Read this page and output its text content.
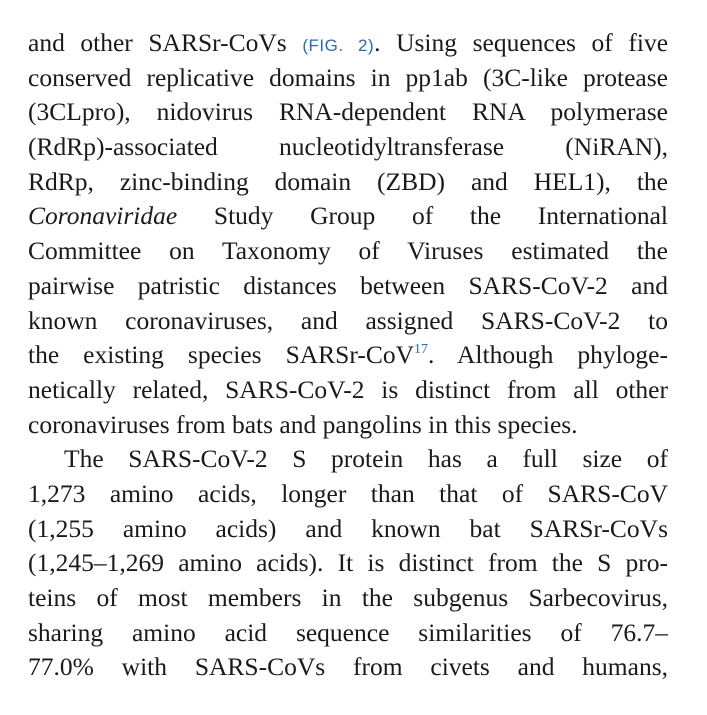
and other SARSr-CoVs (FIG. 2). Using sequences of five
conserved replicative domains in pp1ab (3C-like protease
(3CLpro), nidovirus RNA-dependent RNA polymerase
(RdRp)-associated nucleotidyltransferase (NiRAN),
RdRp, zinc-binding domain (ZBD) and HEL1), the
Coronaviridae Study Group of the International
Committee on Taxonomy of Viruses estimated the
pairwise patristic distances between SARS-CoV-2 and
known coronaviruses, and assigned SARS-CoV-2 to
the existing species SARSr-CoV$^{17}$. Although phyloge-
netically related, SARS-CoV-2 is distinct from all other
coronaviruses from bats and pangolins in this species.
The SARS-CoV-2 S protein has a full size of
1,273 amino acids, longer than that of SARS-CoV
(1,255 amino acids) and known bat SARSr-CoVs
(1,245–1,269 amino acids). It is distinct from the S pro-
teins of most members in the subgenus Sarbecovirus,
sharing amino acid sequence similarities of 76.7–
77.0% with SARS-CoVs from civets and humans,
